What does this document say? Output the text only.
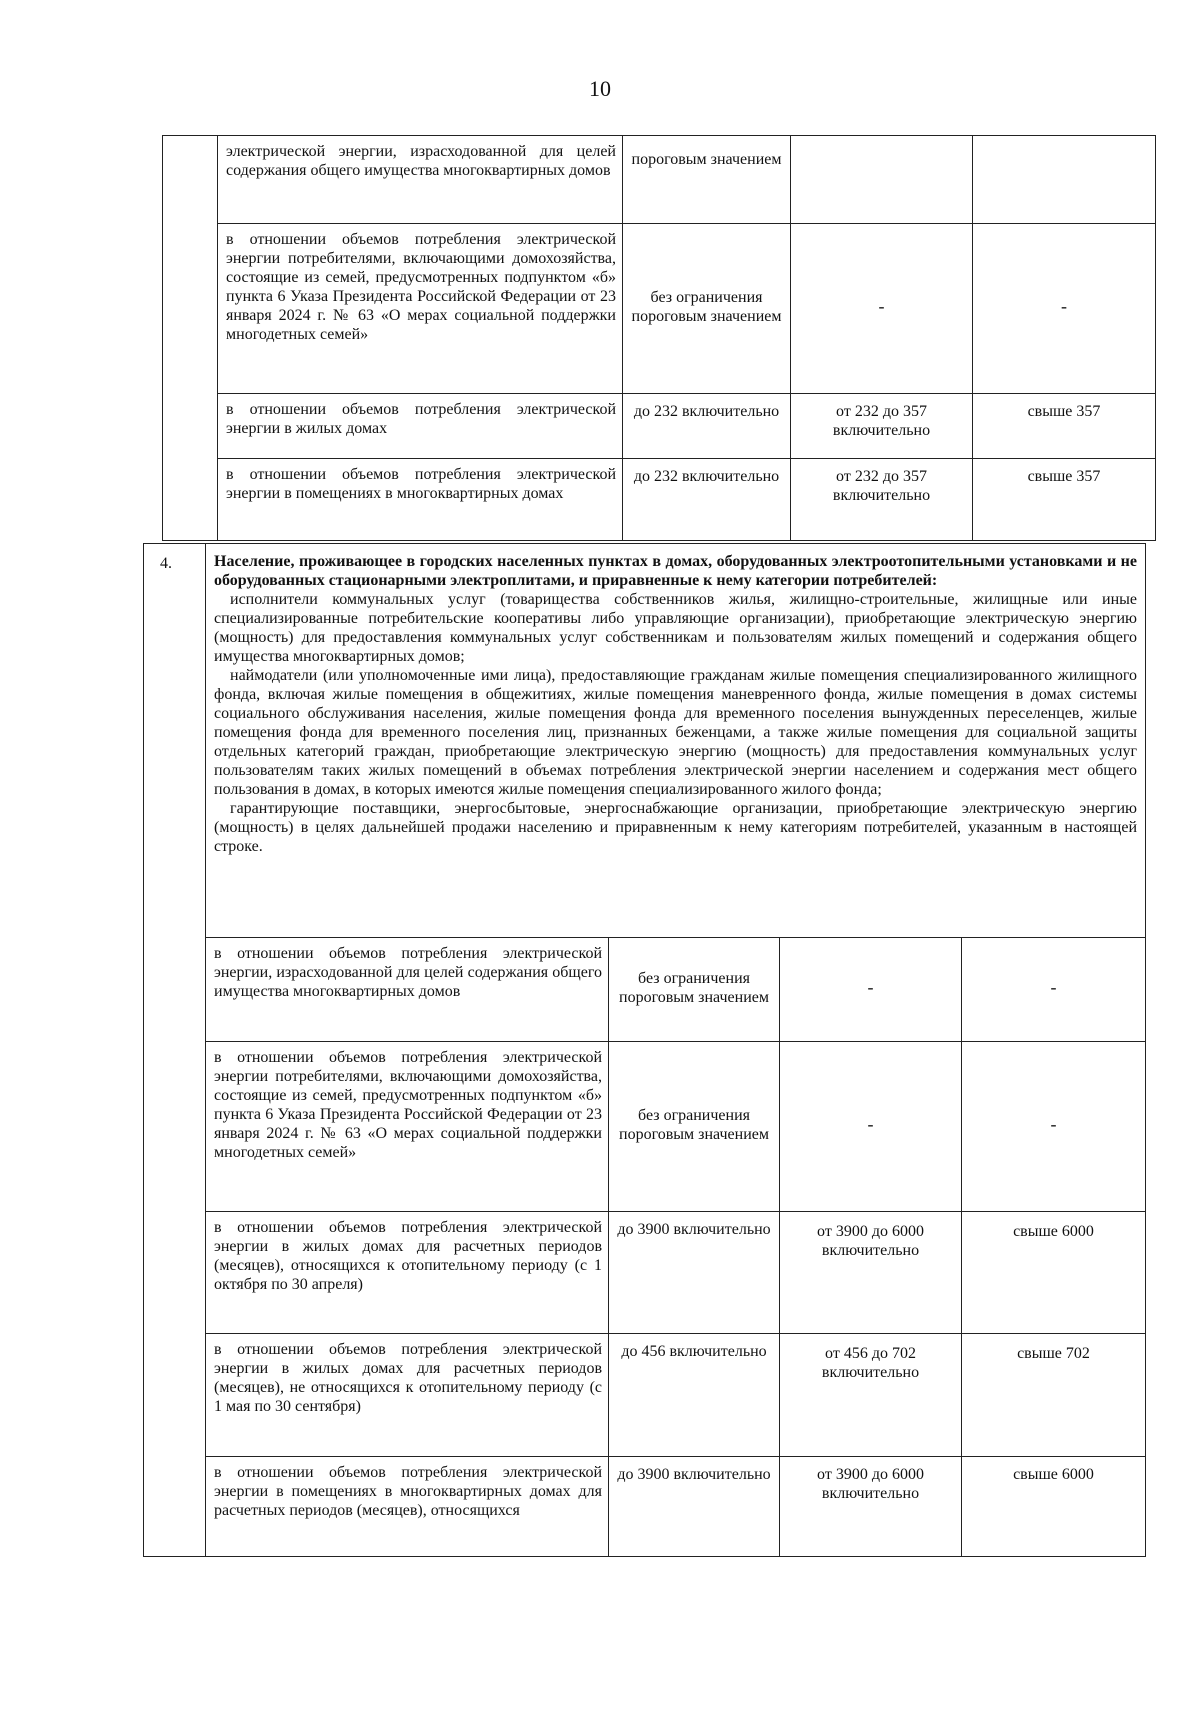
10
	электрической энергии, израсходованной для целей содержания общего имущества многоквартирных домов	пороговым значением		
	в отношении объемов потребления электрической энергии потребителями, включающими домохозяйства, состоящие из семей, предусмотренных подпунктом «б» пункта 6 Указа Президента Российской Федерации от 23 января 2024 г. № 63 «О мерах социальной поддержки многодетных семей»	без ограничения пороговым значением	-	-

	в отношении объемов потребления электрической энергии в жилых домах	до 232 включительно	от 232 до 357 включительно	свыше 357
	в отношении объемов потребления электрической энергии в помещениях в многоквартирных домах	до 232 включительно	от 232 до 357 включительно	свыше 357
4.	Население, проживающее в городских населенных пунктах в домах, оборудованных электроотопительными установками и не оборудованных стационарными электроплитами, и приравненные к нему категории потребителей:
исполнители коммунальных услуг (товарищества собственников жилья, жилищно-строительные, жилищные или иные специализированные потребительские кооперативы либо управляющие организации), приобретающие электрическую энергию (мощность) для предоставления коммунальных услуг собственникам и пользователям жилых помещений и содержания общего имущества многоквартирных домов;
наймодатели (или уполномоченные ими лица), предоставляющие гражданам жилые помещения специализированного жилищного фонда, включая жилые помещения в общежитиях, жилые помещения маневренного фонда, жилые помещения в домах системы социального обслуживания населения, жилые помещения фонда для временного поселения вынужденных переселенцев, жилые помещения фонда для временного поселения лиц, признанных беженцами, а также жилые помещения для социальной защиты отдельных категорий граждан, приобретающие электрическую энергию (мощность) для предоставления коммунальных услуг пользователям таких жилых помещений в объемах потребления электрической энергии населением и содержания мест общего пользования в домах, в которых имеются жилые помещения специализированного жилого фонда;
гарантирующие поставщики, энергосбытовые, энергоснабжающие организации, приобретающие электрическую энергию (мощность) в целях дальнейшей продажи населению и приравненным к нему категориям потребителей, указанным в настоящей строке.			

	в отношении объемов потребления электрической энергии, израсходованной для целей содержания общего имущества многоквартирных домов	без ограничения пороговым значением	-	-

	в отношении объемов потребления электрической энергии потребителями, включающими домохозяйства, состоящие из семей, предусмотренных подпунктом «б» пункта 6 Указа Президента Российской Федерации от 23 января 2024 г. № 63 «О мерах социальной поддержки многодетных семей»	без ограничения пороговым значением	-	-

	в отношении объемов потребления электрической энергии в жилых домах для расчетных периодов (месяцев), относящихся к отопительному периоду (с 1 октября по 30 апреля)	до 3900 включительно	от 3900 до 6000 включительно	свыше 6000
	в отношении объемов потребления электрической энергии в жилых домах для расчетных периодов (месяцев), не относящихся к отопительному периоду (с 1 мая по 30 сентября)	до 456 включительно	от 456 до 702 включительно	свыше 702
	в отношении объемов потребления электрической энергии в помещениях в многоквартирных домах для расчетных периодов (месяцев), относящихся	до 3900 включительно	от 3900 до 6000 включительно	свыше 6000
